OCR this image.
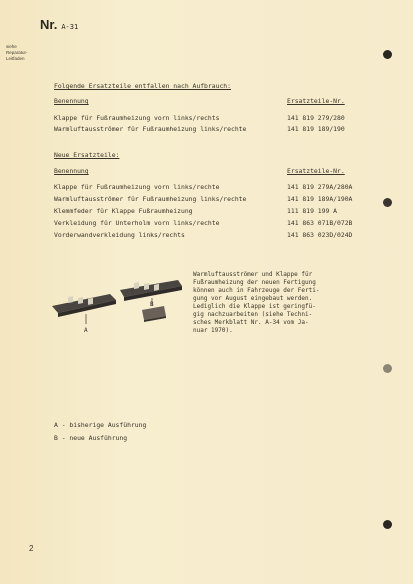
Nr. A-31
siehe
Reparatur-
Leitfaden
Folgende Ersatzteile entfallen nach Aufbrauch:
Benennung	Ersatzteile-Nr.
Klappe für Fußraumheizung vorn links/rechts	141 819 279/280
Warmluftausströmer für Fußraumheizung links/rechte	141 819 189/190
Neue Ersatzteile:
Benennung	Ersatzteile-Nr.
Klappe für Fußraumheizung vorn links/rechte	141 819 279A/280A
Warmluftausströmer für Fußraumheizung links/rechte	141 819 189A/190A
Klemmfeder für Klappe Fußraumheizung	111 819 199 A
Verkleidung für Unterholm vorn links/rechte	141 863 071B/072B
Vorderwandverkleidung links/rechts	141 863 023D/024D
A
B
Warmluftausströmer und Klappe für
Fußraumheizung der neuen Fertigung
können auch in Fahrzeuge der Ferti-
gung vor August eingebaut werden.
Lediglich die Klappe ist geringfü-
gig nachzuarbeiten (siehe Techni-
sches Merkblatt Nr. A-34 vom Ja-
nuar 1970).
A - bisherige Ausführung
B - neue Ausführung
2
